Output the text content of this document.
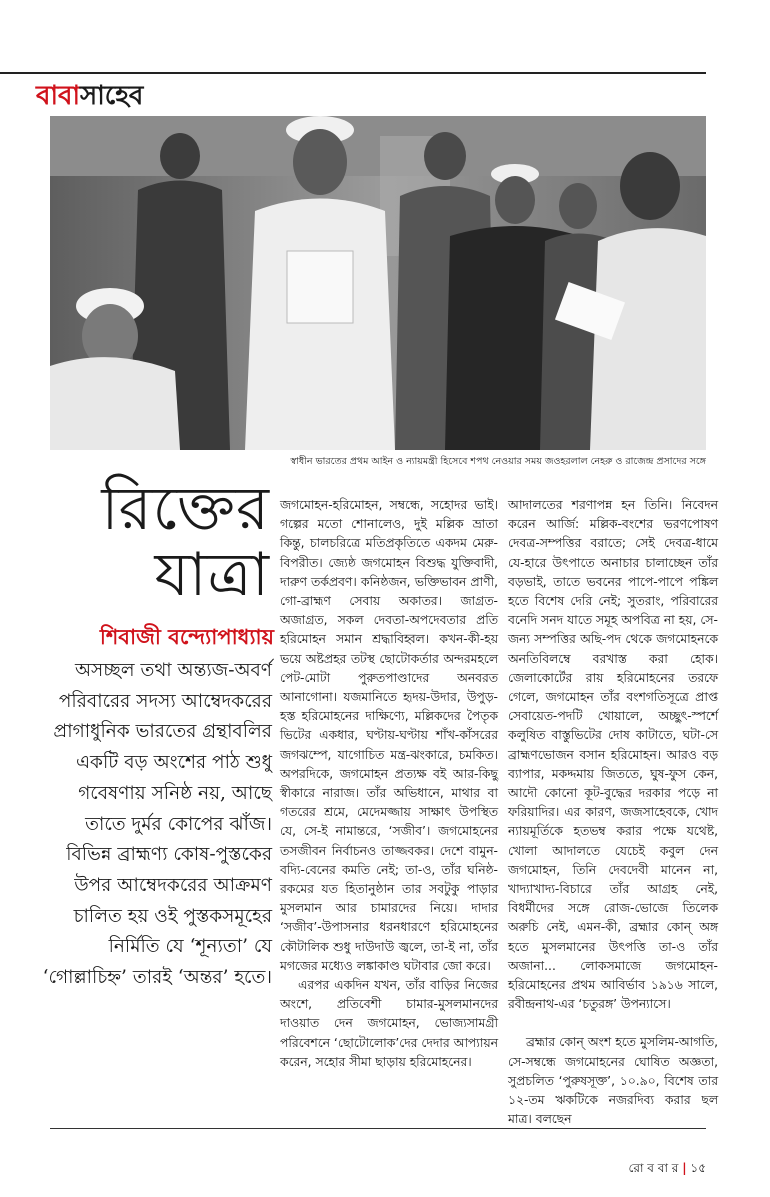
বাবাসাহেব
স্বাধীন ভারতের প্রথম আইন ও ন্যায়মন্ত্রী হিসেবে শপথ নেওয়ার সময় জওহরলাল নেহরু ও রাজেন্দ্র প্রসাদের সঙ্গে
রিক্তের
যাত্রা
শিবাজী বন্দ্যোপাধ্যায়
অসচ্ছল তথা অন্ত্যজ-অবর্ণ পরিবারের সদস্য আম্বেদকরের প্রাগাধুনিক ভারতের গ্রন্থাবলির একটি বড় অংশের পাঠ শুধু গবেষণায় সনিষ্ঠ নয়, আছে তাতে দুর্মর কোপের ঝাঁজ। বিভিন্ন ব্রাহ্মণ্য কোষ-পুস্তকের উপর আম্বেদকরের আক্রমণ চালিত হয় ওই পুস্তকসমূহের নির্মিতি যে ‘শূন্যতা’ যে ‘গোল্লাচিহ্ন’ তারই ‘অন্তর’ হতে।

জগমোহন-হরিমোহন, সম্বন্ধে, সহোদর ভাই। গল্পের মতো শোনালেও, দুই মল্লিক ভ্রাতা কিন্তু, চালচরিত্রে মতিপ্রকৃতিতে একদম মেরু-বিপরীত। জ্যেষ্ঠ জগমোহন বিশুদ্ধ যুক্তিবাদী, দারুণ তর্কপ্রবণ। কনিষ্ঠজন, ভক্তিভাবন প্রাণী, গো-ব্রাহ্মণ সেবায় অকাতর। জাগ্রত-অজাগ্রত, সকল দেবতা-অপদেবতার প্রতি হরিমোহন সমান শ্রদ্ধাবিহ্বল। কখন-কী-হয় ভয়ে অষ্টপ্রহর তটস্থ ছোটোকর্তার অন্দরমহলে পেট-মোটা পুরুতপাণ্ডাদের অনবরত আনাগোনা। যজমানিতে হৃদয়-উদার, উপুড়-হস্ত হরিমোহনের দাক্ষিণ্যে, মল্লিকদের পৈতৃক ভিটের একধার, ঘণ্টায়-ঘণ্টায় শাঁখ-কাঁসরের জগঝম্পে, যাগোচিত মন্ত্র-ঝংকারে, চমকিত। অপরদিকে, জগমোহন প্রত্যক্ষ বই আর-কিছু স্বীকারে নারাজ। তাঁর অভিধানে, মাথার বা গতরের শ্রমে, মেদেমজ্জায় সাক্ষাৎ উপস্থিত যে, সে-ই নামান্তরে, ‘সজীব’। জগমোহনের তসজীবন নির্বাচনও তাজ্জবকর। দেশে বামুন-বদ্যি-বেনের কমতি নেই; তা-ও, তাঁর ঘনিষ্ঠ-রকমের যত হিতানুষ্ঠান তার সবটুকু পাড়ার মুসলমান আর চামারদের নিয়ে। দাদার ‘সজীব’-উপাসনার ধরনধারণে হরিমোহনের কৌটালিক শুধু দাউদাউ জ্বলে, তা-ই না, তাঁর মগজের মধ্যেও লঙ্কাকাণ্ড ঘটাবার জো করে।

এরপর একদিন যখন, তাঁর বাড়ির নিজের অংশে, প্রতিবেশী চামার-মুসলমানদের দাওয়াত দেন জগমোহন, ভোজ্যসামগ্রী পরিবেশনে ‘ছোটোলোক’দের দেদার আপ্যায়ন করেন, সহোর সীমা ছাড়ায় হরিমোহনের।

আদালতের শরণাপন্ন হন তিনি। নিবেদন করেন আর্জি: মল্লিক-বংশের ভরণপোষণ দেবত্র-সম্পত্তির বরাতে; সেই দেবত্র-ধামে যে-হারে উৎপাতে অনাচার চালাচ্ছেন তাঁর বড়ভাই, তাতে ভবনের পাপে-পাপে পঙ্কিল হতে বিশেষ দেরি নেই; সুতরাং, পরিবারের বনেদি সনদ যাতে সমূহ অপবিত্র না হয়, সে-জন্য সম্পত্তির অছি-পদ থেকে জগমোহনকে অনতিবিলম্বে বরখাস্ত করা হোক। জেলাকোর্টের রায় হরিমোহনের তরফে গেলে, জগমোহন তাঁর বংশগতিসূত্রে প্রাপ্ত সেবায়েত-পদটি খোয়ালে, অচ্ছুৎ-স্পর্শে কলুষিত বাস্তুভিটের দোষ কাটাতে, ঘটা-সে ব্রাহ্মণভোজন বসান হরিমোহন। আরও বড় ব্যাপার, মকদ্দমায় জিততে, ঘুষ-ফুস কেন, আদৌ কোনো কূট-বুদ্ধের দরকার পড়ে না ফরিয়াদির। এর কারণ, জজসাহেবকে, খোদ ন্যায়মূর্তিকে হতভম্ব করার পক্ষে যথেষ্ট, খোলা আদালতে যেচেই কবুল দেন জগমোহন, তিনি দেবদেবী মানেন না, খাদ্যাখাদ্য-বিচারে তাঁর আগ্রহ নেই, বিধর্মীদের সঙ্গে রোজ-ভোজে তিলেক অরুচি নেই, এমন-কী, ব্রহ্মার কোন্ অঙ্গ হতে মুসলমানের উৎপত্তি তা-ও তাঁর অজানা... লোকসমাজে জগমোহন-হরিমোহনের প্রথম আবির্ভাব ১৯১৬ সালে, রবীন্দ্রনাথ-এর ‘চতুরঙ্গ’ উপন্যাসে।

ব্রহ্মার কোন্ অংশ হতে মুসলিম-আগতি, সে-সম্বন্ধে জগমোহনের ঘোষিত অজ্ঞতা, সুপ্রচলিত ‘পুরুষসূক্ত’, ১০.৯০, বিশেষ তার ১২-তম ঋকটিকে নজরদিব্য করার ছল মাত্র। বলছেন

রো ব বা র | ১৫
